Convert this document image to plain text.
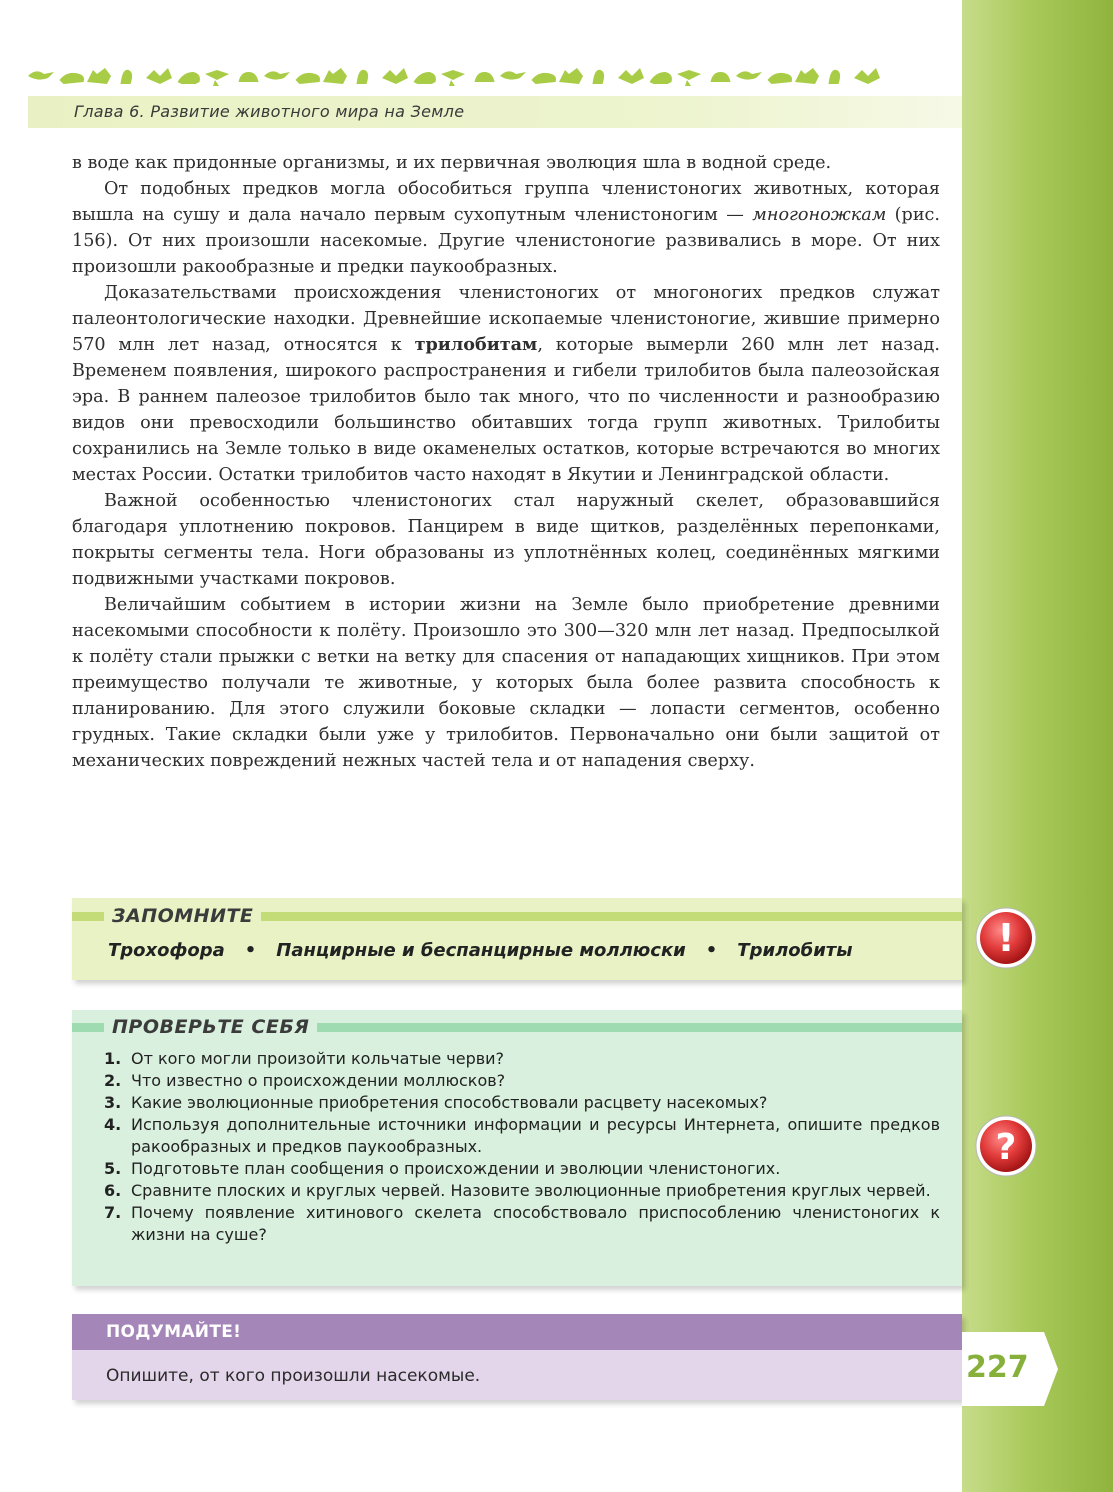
Глава 6. Развитие животного мира на Земле

в воде как придонные организмы, и их первичная эволюция шла в водной среде.

От подобных предков могла обособиться группа членистоногих животных, которая вышла на сушу и дала начало первым сухопутным членистоногим — многоножкам (рис. 156). От них произошли насекомые. Другие членистоногие развивались в море. От них произошли ракообразные и предки паукообразных.

Доказательствами происхождения членистоногих от многоногих предков служат палеонтологические находки. Древнейшие ископаемые членистоногие, жившие примерно 570 млн лет назад, относятся к трилобитам, которые вымерли 260 млн лет назад. Временем появления, широкого распространения и гибели трилобитов была палеозойская эра. В раннем палеозое трилобитов было так много, что по численности и разнообразию видов они превосходили большинство обитавших тогда групп животных. Трилобиты сохранились на Земле только в виде окаменелых остатков, которые встречаются во многих местах России. Остатки трилобитов часто находят в Якутии и Ленинградской области.

Важной особенностью членистоногих стал наружный скелет, образовавшийся благодаря уплотнению покровов. Панцирем в виде щитков, разделённых перепонками, покрыты сегменты тела. Ноги образованы из уплотнённых колец, соединённых мягкими подвижными участками покровов.

Величайшим событием в истории жизни на Земле было приобретение древними насекомыми способности к полёту. Произошло это 300—320 млн лет назад. Предпосылкой к полёту стали прыжки с ветки на ветку для спасения от нападающих хищников. При этом преимущество получали те животные, у которых была более развита способность к планированию. Для этого служили боковые складки — лопасти сегментов, особенно грудных. Такие складки были уже у трилобитов. Первоначально они были защитой от механических повреждений нежных частей тела и от нападения сверху.

ЗАПОМНИТЕ
Трохофора • Панцирные и беспанцирные моллюски • Трилобиты	!
ПРОВЕРЬТЕ СЕБЯ
1. От кого могли произойти кольчатые черви?
2. Что известно о происхождении моллюсков?
3. Какие эволюционные приобретения способствовали расцвету насекомых?
4. Используя дополнительные источники информации и ресурсы Интернета, опишите предков ракообразных и предков паукообразных.
5. Подготовьте план сообщения о происхождении и эволюции членистоногих.
6. Сравните плоских и круглых червей. Назовите эволюционные приобретения круглых червей.
7. Почему появление хитинового скелета способствовало приспособлению членистоногих к жизни на суше?
?
ПОДУМАЙТЕ!
Опишите, от кого произошли насекомые.	227
